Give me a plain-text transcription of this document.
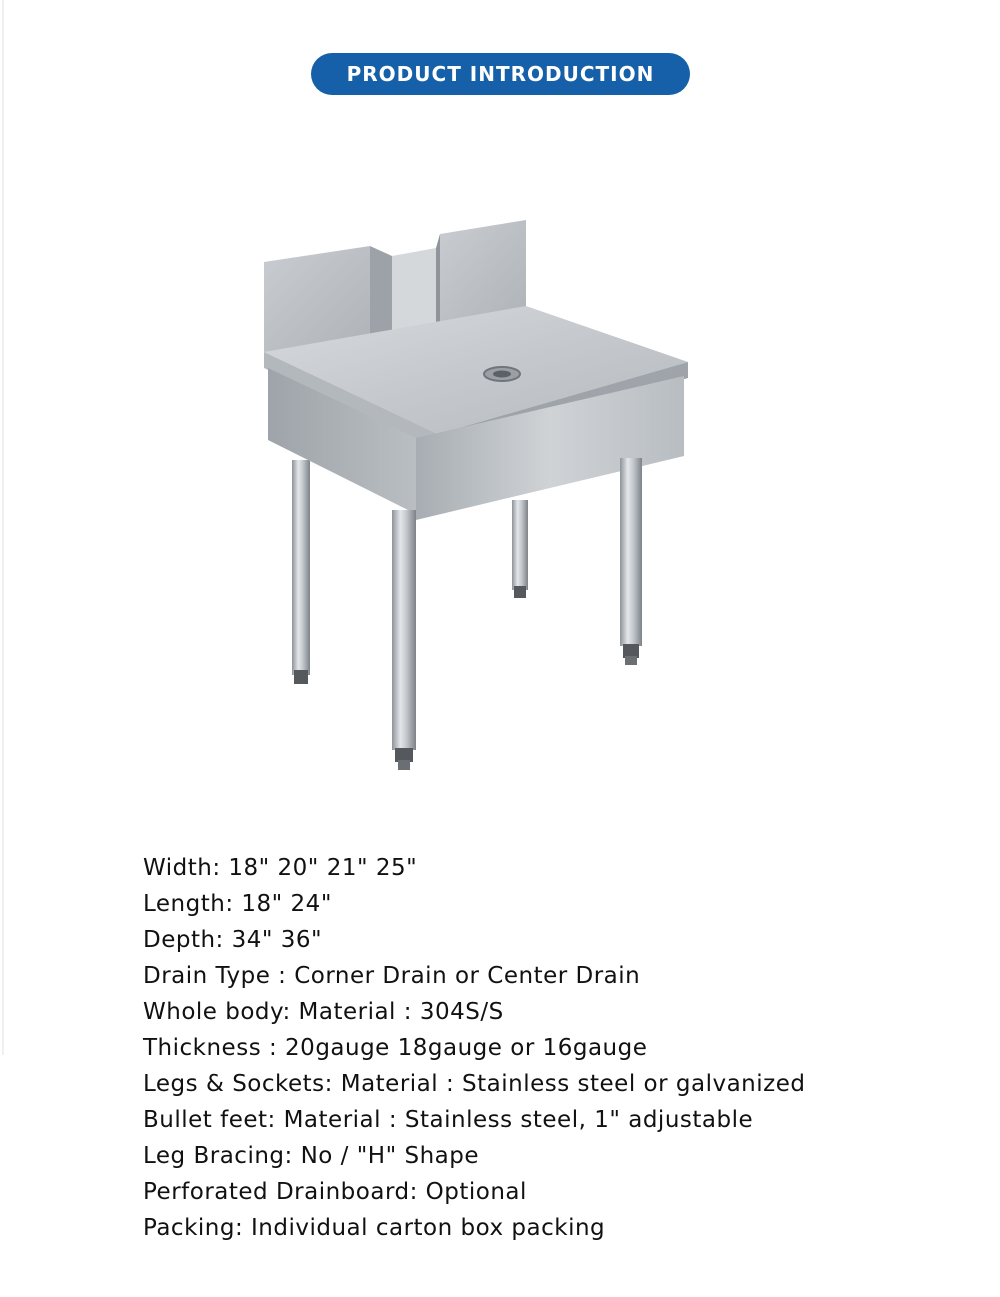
PRODUCT INTRODUCTION
Width: 18" 20" 21" 25"
Length: 18" 24"
Depth: 34" 36"
Drain Type : Corner Drain or Center Drain
Whole body: Material : 304S/S
Thickness : 20gauge 18gauge or 16gauge
Legs & Sockets: Material : Stainless steel or galvanized
Bullet feet: Material : Stainless steel, 1" adjustable
Leg Bracing: No / "H" Shape
Perforated Drainboard: Optional
Packing: Individual carton box packing
